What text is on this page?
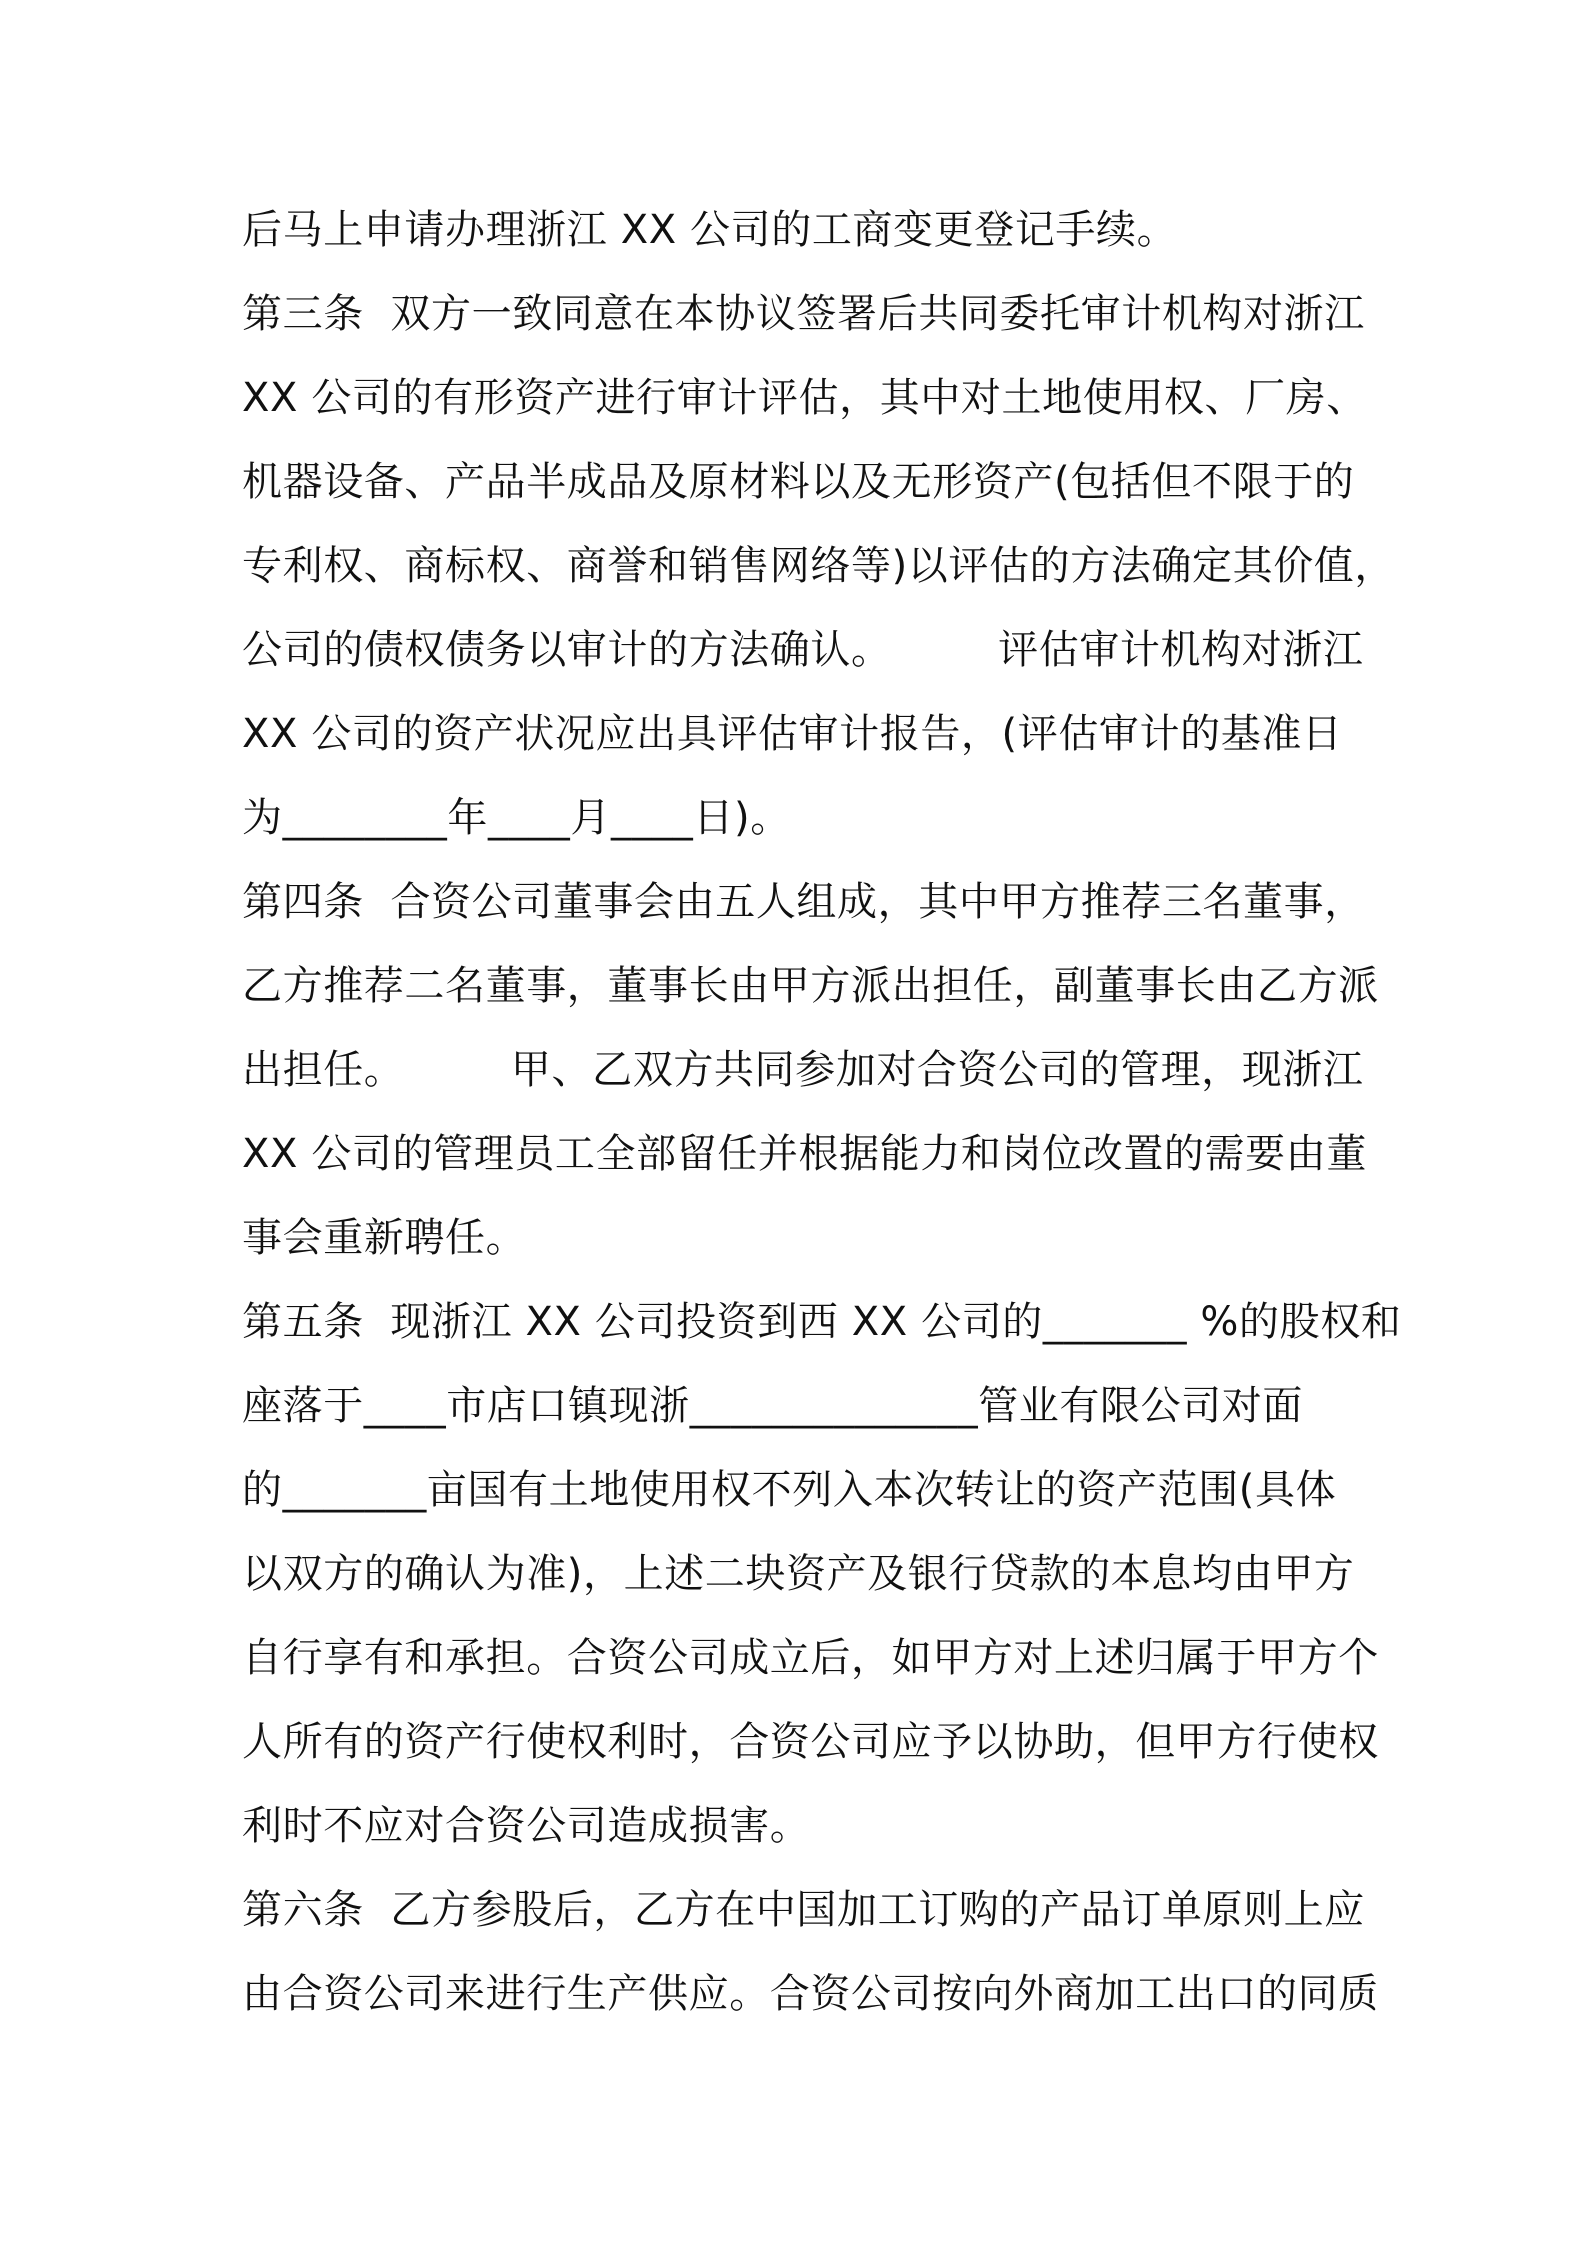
后马上申请办理浙江 XX 公司的工商变更登记手续。
第三条  双方一致同意在本协议签署后共同委托审计机构对浙江
XX 公司的有形资产进行审计评估，其中对土地使用权、厂房、
机器设备、产品半成品及原材料以及无形资产(包括但不限于的
专利权、商标权、商誉和销售网络等)以评估的方法确定其价值，
公司的债权债务以审计的方法确认。        评估审计机构对浙江
XX 公司的资产状况应出具评估审计报告，(评估审计的基准日
为________年____月____日)。
第四条  合资公司董事会由五人组成，其中甲方推荐三名董事，
乙方推荐二名董事，董事长由甲方派出担任，副董事长由乙方派
出担任。        甲、乙双方共同参加对合资公司的管理，现浙江
XX 公司的管理员工全部留任并根据能力和岗位改置的需要由董
事会重新聘任。
第五条  现浙江 XX 公司投资到西 XX 公司的_______ %的股权和
座落于____市店口镇现浙______________管业有限公司对面
的_______亩国有土地使用权不列入本次转让的资产范围(具体
以双方的确认为准)，上述二块资产及银行贷款的本息均由甲方
自行享有和承担。合资公司成立后，如甲方对上述归属于甲方个
人所有的资产行使权利时，合资公司应予以协助，但甲方行使权
利时不应对合资公司造成损害。
第六条  乙方参股后，乙方在中国加工订购的产品订单原则上应
由合资公司来进行生产供应。合资公司按向外商加工出口的同质
